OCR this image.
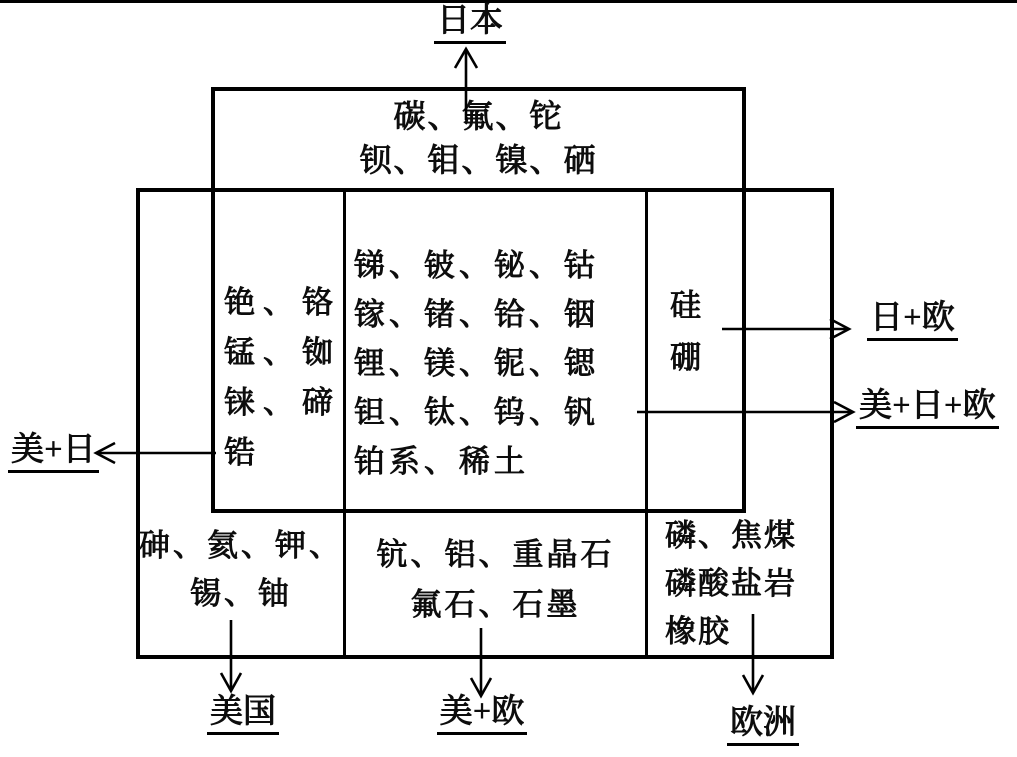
碳、氟、铊
钡、钼、镍、硒
铯、铬
锰、铷
铼、碲
锆
锑、铍、铋、钴
镓、锗、铪、铟
锂、镁、铌、锶
钽、钛、钨、钒
铂系、稀土
硅
硼
砷、氦、钾、
锡、铀
钪、铝、重晶石
氟石、石墨
磷、焦煤
磷酸盐岩
橡胶
日本
美+日
日+欧
美+日+欧
美国	美+欧	欧洲
